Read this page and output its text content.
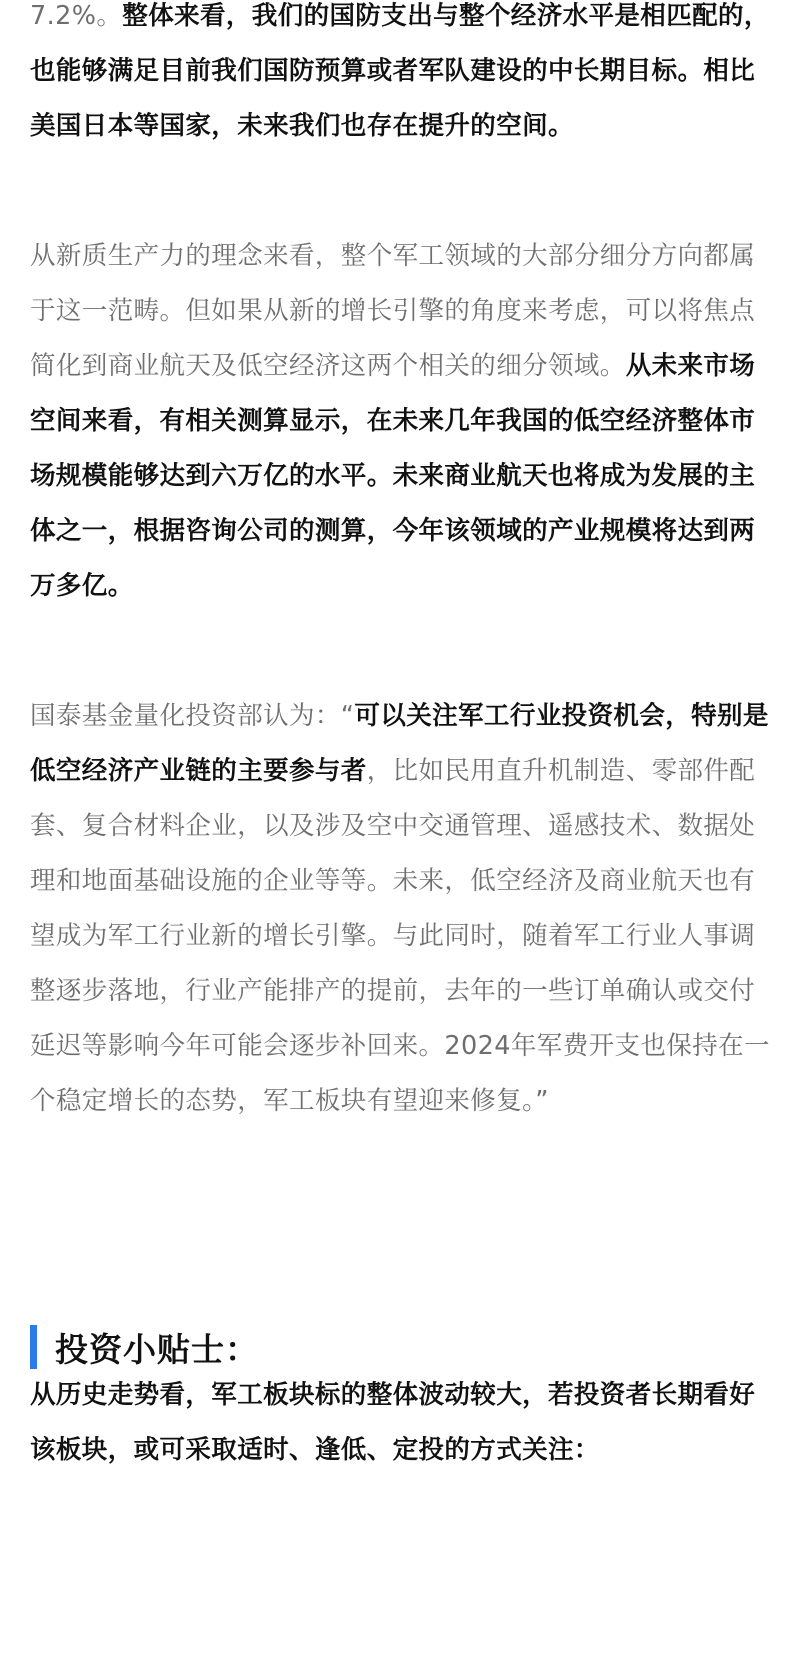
7.2%。整体来看，我们的国防支出与整个经济水平是相匹配的，也能够满足目前我们国防预算或者军队建设的中长期目标。相比美国日本等国家，未来我们也存在提升的空间。

从新质生产力的理念来看，整个军工领域的大部分细分方向都属于这一范畴。但如果从新的增长引擎的角度来考虑，可以将焦点简化到商业航天及低空经济这两个相关的细分领域。从未来市场空间来看，有相关测算显示，在未来几年我国的低空经济整体市场规模能够达到六万亿的水平。未来商业航天也将成为发展的主体之一，根据咨询公司的测算，今年该领域的产业规模将达到两万多亿。

国泰基金量化投资部认为：“可以关注军工行业投资机会，特别是低空经济产业链的主要参与者，比如民用直升机制造、零部件配套、复合材料企业，以及涉及空中交通管理、遥感技术、数据处理和地面基础设施的企业等等。未来，低空经济及商业航天也有望成为军工行业新的增长引擎。与此同时，随着军工行业人事调整逐步落地，行业产能排产的提前，去年的一些订单确认或交付延迟等影响今年可能会逐步补回来。2024年军费开支也保持在一个稳定增长的态势，军工板块有望迎来修复。”

投资小贴士：

从历史走势看，军工板块标的整体波动较大，若投资者长期看好该板块，或可采取适时、逢低、定投的方式关注：
